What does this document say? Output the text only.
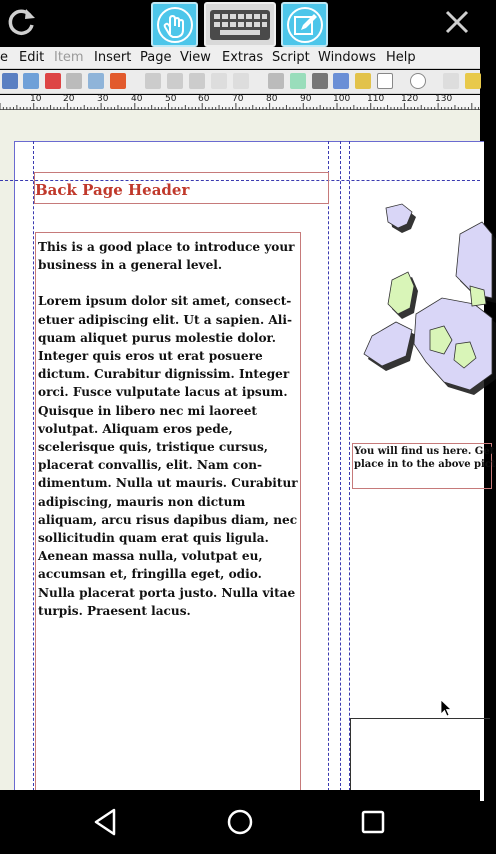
e Edit Item Insert Page View Extras Script Windows Help
10 20	30	40	50 60	70	80	90 100 110 120 130
Back Page Header

This is a good place to introduce your business in a general level.

Lorem ipsum dolor sit amet, consect-etuer adipiscing elit. Ut a sapien. Ali-quam aliquet purus molestie dolor. Integer quis eros ut erat posuere dictum. Curabitur dignissim. Integer orci. Fusce vulputate lacus at ipsum. Quisque in libero nec mi laoreet volutpat. Aliquam eros pede, scelerisque quis, tristique cursus, placerat convallis, elit. Nam con-dimentum. Nulla ut mauris. Curabitur adipiscing, mauris non dictum aliquam, arcu risus dapibus diam, nec sollicitudin quam erat quis ligula. Aenean massa nulla, volutpat eu, accumsan et, fringilla eget, odio. Nulla placerat porta justo. Nulla vitae turpis. Praesent lacus.

You will find us here. Get
place in to the above pict
